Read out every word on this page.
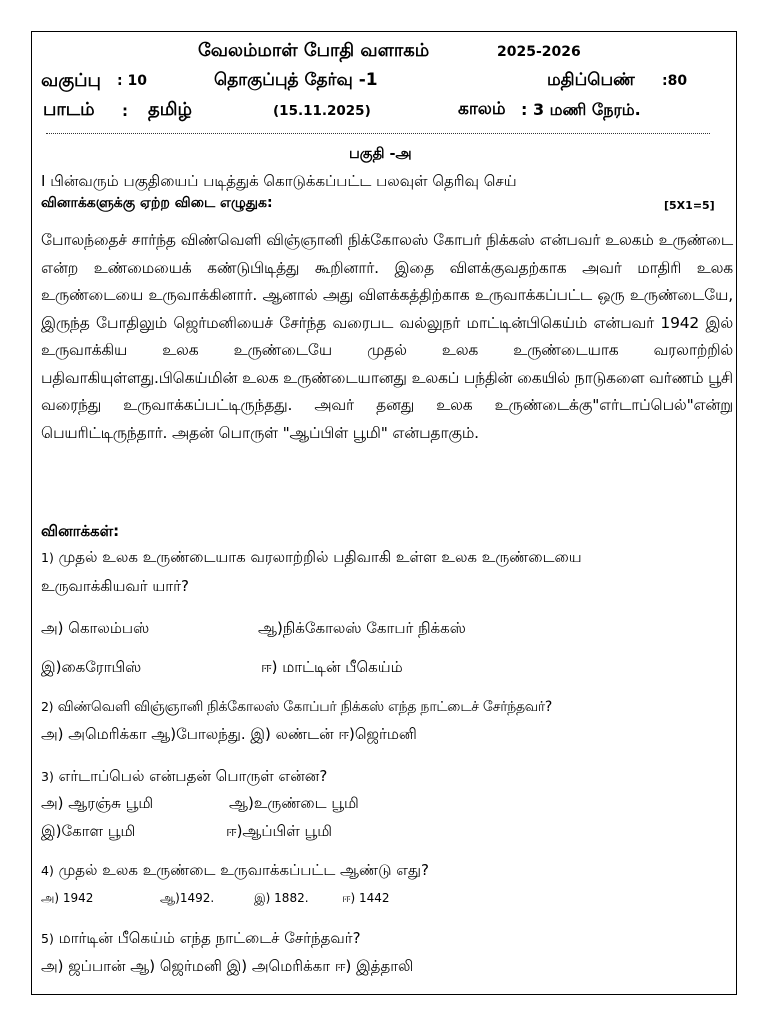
வேலம்மாள் போதி வளாகம்	2025-2026
வகுப்பு : 10	தொகுப்புத் தேர்வு -1	மதிப்பெண் :80
பாடம் : தமிழ்	(15.11.2025)	காலம் : 3 மணி நேரம்.
பகுதி -அ
I பின்வரும் பகுதியைப் படித்துக் கொடுக்கப்பட்ட பலவுள் தெரிவு செய்
வினாக்களுக்கு ஏற்ற விடை எழுதுக:	[5X1=5]
போலந்தைச் சார்ந்த விண்வெளி விஞ்ஞானி நிக்கோலஸ் கோபர் நிக்கஸ் என்பவர் உலகம் உருண்டை என்ற உண்மையைக் கண்டுபிடித்து கூறினார். இதை விளக்குவதற்காக அவர் மாதிரி உலக உருண்டையை உருவாக்கினார். ஆனால் அது விளக்கத்திற்காக உருவாக்கப்பட்ட ஒரு உருண்டையே, இருந்த போதிலும் ஜெர்மனியைச் சேர்ந்த வரைபட வல்லுநர் மாட்டின்பிகெய்ம் என்பவர் 1942 இல் உருவாக்கிய உலக உருண்டையே முதல் உலக உருண்டையாக வரலாற்றில் பதிவாகியுள்ளது.பிகெய்மின் உலக உருண்டையானது உலகப் பந்தின் கையில் நாடுகளை வர்ணம் பூசி வரைந்து உருவாக்கப்பட்டிருந்தது. அவர் தனது உலக உருண்டைக்கு"எர்டாப்பெல்"என்று பெயரிட்டிருந்தார். அதன் பொருள் "ஆப்பிள் பூமி" என்பதாகும்.
வினாக்கள்:
1) முதல் உலக உருண்டையாக வரலாற்றில் பதிவாகி உள்ள உலக உருண்டையை
உருவாக்கியவர் யார்?
அ) கொலம்பஸ்	ஆ)நிக்கோலஸ் கோபர் நிக்கஸ்
இ)கைரோபிஸ்	ஈ) மாட்டின் பீகெய்ம்
2) விண்வெளி விஞ்ஞானி நிக்கோலஸ் கோப்பர் நிக்கஸ் எந்த நாட்டைச் சேர்ந்தவர்?
அ) அமெரிக்கா ஆ)போலந்து. இ) லண்டன் ஈ)ஜெர்மனி
3) எர்டாப்பெல் என்பதன் பொருள் என்ன?
அ) ஆரஞ்சு பூமி	ஆ)உருண்டை பூமி
இ)கோள பூமி	ஈ)ஆப்பிள் பூமி
4) முதல் உலக உருண்டை உருவாக்கப்பட்ட ஆண்டு எது?
அ) 1942	ஆ)1492.	இ) 1882.	ஈ) 1442
5) மார்டின் பீகெய்ம் எந்த நாட்டைச் சேர்ந்தவர்?
அ) ஜப்பான் ஆ) ஜெர்மனி இ) அமெரிக்கா ஈ) இத்தாலி
